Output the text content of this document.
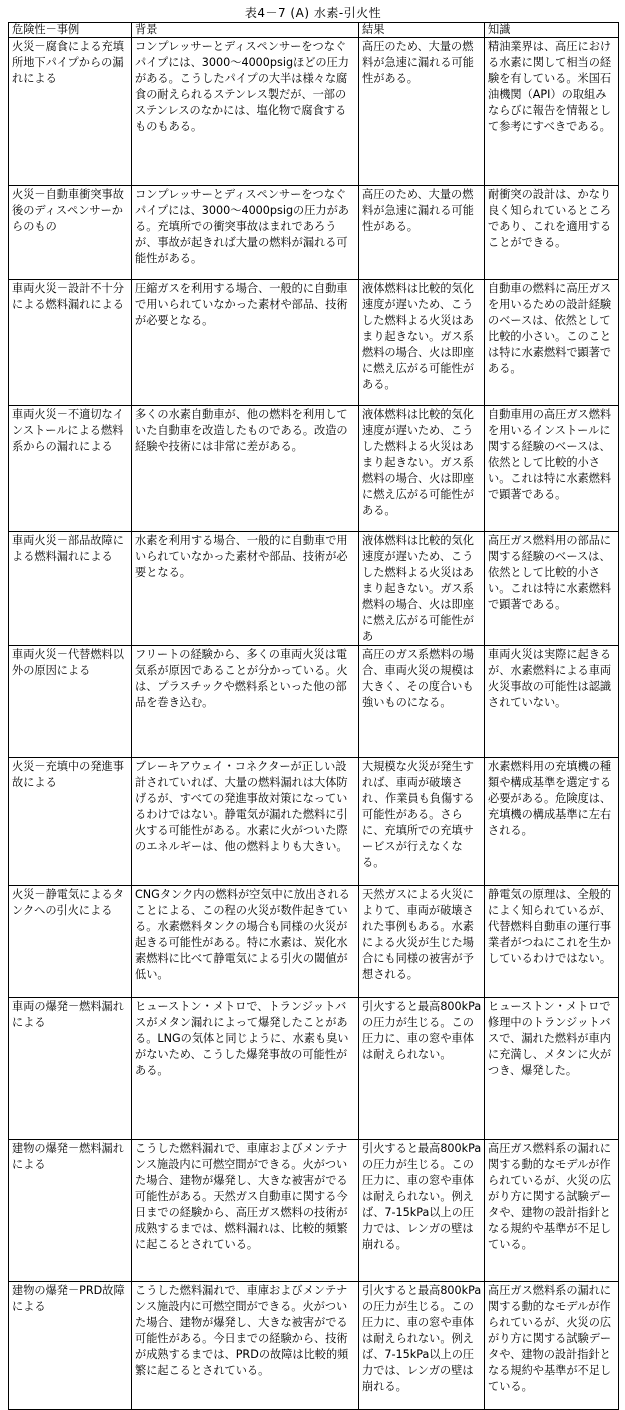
表4－7 (A) 水素-引火性
危険性－事例	背景	結果	知識
火災－腐食による充填所地下パイプからの漏れによる	コンプレッサーとディスペンサーをつなぐパイプには、3000～4000psigほどの圧力がある。こうしたパイプの大半は様々な腐食の耐えられるステンレス製だが、一部のステンレスのなかには、塩化物で腐食するものもある。	高圧のため、大量の燃料が急速に漏れる可能性がある。	精油業界は、高圧における水素に関して相当の経験を有している。米国石油機関（API）の取組みならびに報告を情報として参考にすべきである。
火災－自動車衝突事故後のディスペンサーからのもの	コンプレッサーとディスペンサーをつなぐパイプには、3000～4000psigの圧力がある。充填所での衝突事故はまれであろうが、事故が起きれば大量の燃料が漏れる可能性がある。	高圧のため、大量の燃料が急速に漏れる可能性がある。	耐衝突の設計は、かなり良く知られているところであり、これを適用することができる。
車両火災－設計不十分による燃料漏れによる	圧縮ガスを利用する場合、一般的に自動車で用いられていなかった素材や部品、技術が必要となる。	液体燃料は比較的気化速度が遅いため、こうした燃料よる火災はあまり起きない。ガス系燃料の場合、火は即座に燃え広がる可能性がある。	自動車の燃料に高圧ガスを用いるための設計経験のベースは、依然として比較的小さい。このことは特に水素燃料で顕著である。
車両火災－不適切なインストールによる燃料系からの漏れによる	多くの水素自動車が、他の燃料を利用していた自動車を改造したものである。改造の経験や技術には非常に差がある。	液体燃料は比較的気化速度が遅いため、こうした燃料よる火災はあまり起きない。ガス系燃料の場合、火は即座に燃え広がる可能性がある。	自動車用の高圧ガス燃料を用いるインストールに関する経験のベースは、依然として比較的小さい。これは特に水素燃料で顕著である。
車両火災－部品故障による燃料漏れによる	水素を利用する場合、一般的に自動車で用いられていなかった素材や部品、技術が必要となる。	液体燃料は比較的気化速度が遅いため、こうした燃料よる火災はあまり起きない。ガス系燃料の場合、火は即座に燃え広がる可能性があ	高圧ガス燃料用の部品に関する経験のベースは、依然として比較的小さい。これは特に水素燃料で顕著である。
車両火災－代替燃料以外の原因による	フリートの経験から、多くの車両火災は電気系が原因であることが分かっている。火は、プラスチックや燃料系といった他の部品を巻き込む。	高圧のガス系燃料の場合、車両火災の規模は大きく、その度合いも強いものになる。	車両火災は実際に起きるが、水素燃料による車両火災事故の可能性は認識されていない。
火災－充填中の発進事故による	ブレーキアウェイ・コネクターが正しい設計されていれば、大量の燃料漏れは大体防げるが、すべての発進事故対策になっているわけではない。静電気が漏れた燃料に引火する可能性がある。水素に火がついた際のエネルギーは、他の燃料よりも大きい。	大規模な火災が発生すれば、車両が破壊され、作業員も負傷する可能性がある。さらに、充填所での充填サービスが行えなくなる。	水素燃料用の充填機の種類や構成基準を選定する必要がある。危険度は、充填機の構成基準に左右される。
火災－静電気によるタンクへの引火による	CNGタンク内の燃料が空気中に放出されることによる、この程の火災が数件起きている。水素燃料タンクの場合も同様の火災が起きる可能性がある。特に水素は、炭化水素燃料に比べて静電気による引火の閾値が低い。	天然ガスによる火災によりて、車両が破壊された事例もある。水素による火災が生じた場合にも同様の被害が予想される。	静電気の原理は、全般的によく知られているが、代替燃料自動車の運行事業者がつねにこれを生かしているわけではない。
車両の爆発－燃料漏れによる	ヒューストン・メトロで、トランジットバスがメタン漏れによって爆発したことがある。LNGの気体と同じように、水素も臭いがないため、こうした爆発事故の可能性がある。	引火すると最高800kPaの圧力が生じる。この圧力に、車の窓や車体は耐えられない。	ヒューストン・メトロで修理中のトランジットバスで、漏れた燃料が車内に充満し、メタンに火がつき、爆発した。
建物の爆発－燃料漏れによる	こうした燃料漏れで、車庫およびメンテナンス施設内に可燃空間ができる。火がついた場合、建物が爆発し、大きな被害がでる可能性がある。天然ガス自動車に関する今日までの経験から、高圧ガス燃料の技術が成熟するまでは、燃料漏れは、比較的頻繁に起こるとされている。	引火すると最高800kPaの圧力が生じる。この圧力に、車の窓や車体は耐えられない。例えば、7-15kPa以上の圧力では、レンガの壁は崩れる。	高圧ガス燃料系の漏れに関する動的なモデルが作られているが、火災の広がり方に関する試験データや、建物の設計指針となる規約や基準が不足している。
建物の爆発－PRD故障による	こうした燃料漏れで、車庫およびメンテナンス施設内に可燃空間ができる。火がついた場合、建物が爆発し、大きな被害がでる可能性がある。今日までの経験から、技術が成熟するまでは、PRDの故障は比較的頻繁に起こるとされている。	引火すると最高800kPaの圧力が生じる。この圧力に、車の窓や車体は耐えられない。例えば、7-15kPa以上の圧力では、レンガの壁は崩れる。	高圧ガス燃料系の漏れに関する動的なモデルが作られているが、火災の広がり方に関する試験データや、建物の設計指針となる規約や基準が不足している。
